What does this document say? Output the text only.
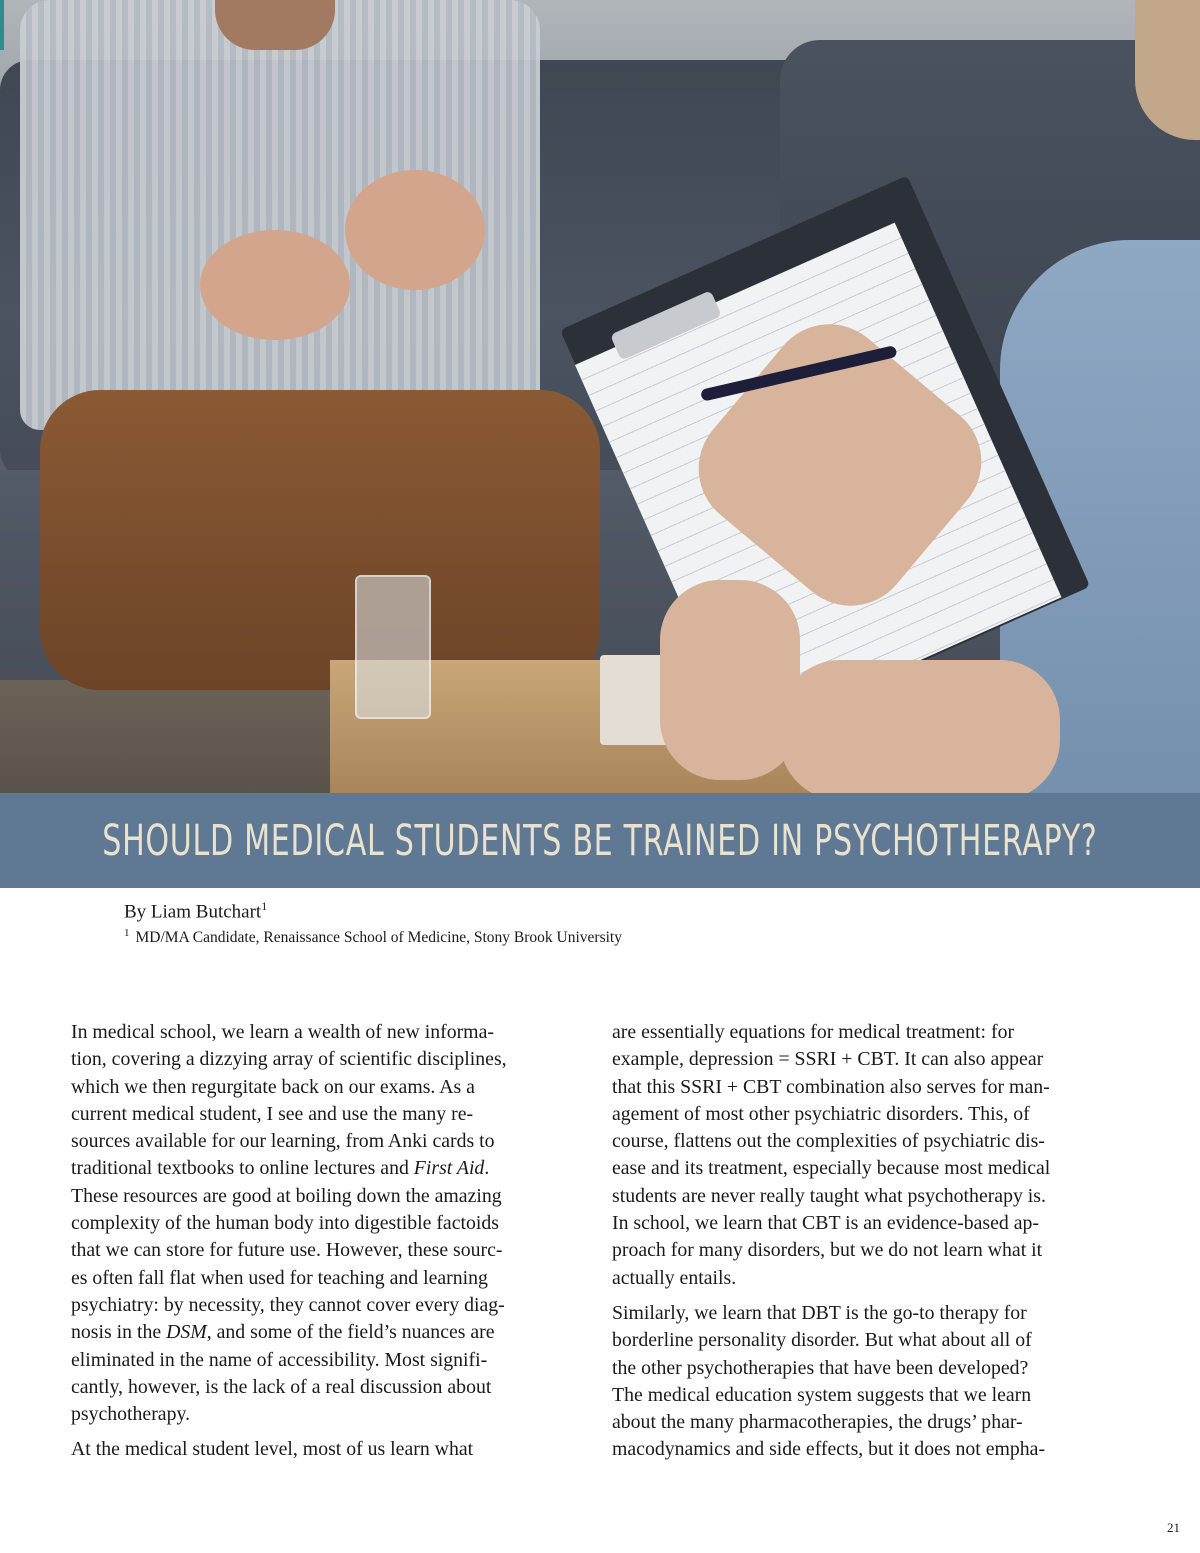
SHOULD MEDICAL STUDENTS BE TRAINED IN PSYCHOTHERAPY?
By Liam Butchart$^1$
$^1$ MD/MA Candidate, Renaissance School of Medicine, Stony Brook University

In medical school, we learn a wealth of new informa-
tion, covering a dizzying array of scientific disciplines,
which we then regurgitate back on our exams. As a
current medical student, I see and use the many re-
sources available for our learning, from Anki cards to
traditional textbooks to online lectures and First Aid.
These resources are good at boiling down the amazing
complexity of the human body into digestible factoids
that we can store for future use. However, these sourc-
es often fall flat when used for teaching and learning
psychiatry: by necessity, they cannot cover every diag-
nosis in the DSM, and some of the field’s nuances are
eliminated in the name of accessibility. Most signifi-
cantly, however, is the lack of a real discussion about
psychotherapy.

At the medical student level, most of us learn what

are essentially equations for medical treatment: for
example, depression = SSRI + CBT. It can also appear
that this SSRI + CBT combination also serves for man-
agement of most other psychiatric disorders. This, of
course, flattens out the complexities of psychiatric dis-
ease and its treatment, especially because most medical
students are never really taught what psychotherapy is.
In school, we learn that CBT is an evidence-based ap-
proach for many disorders, but we do not learn what it
actually entails.

Similarly, we learn that DBT is the go-to therapy for
borderline personality disorder. But what about all of
the other psychotherapies that have been developed?
The medical education system suggests that we learn
about the many pharmacotherapies, the drugs’ phar-
macodynamics and side effects, but it does not empha-

21
